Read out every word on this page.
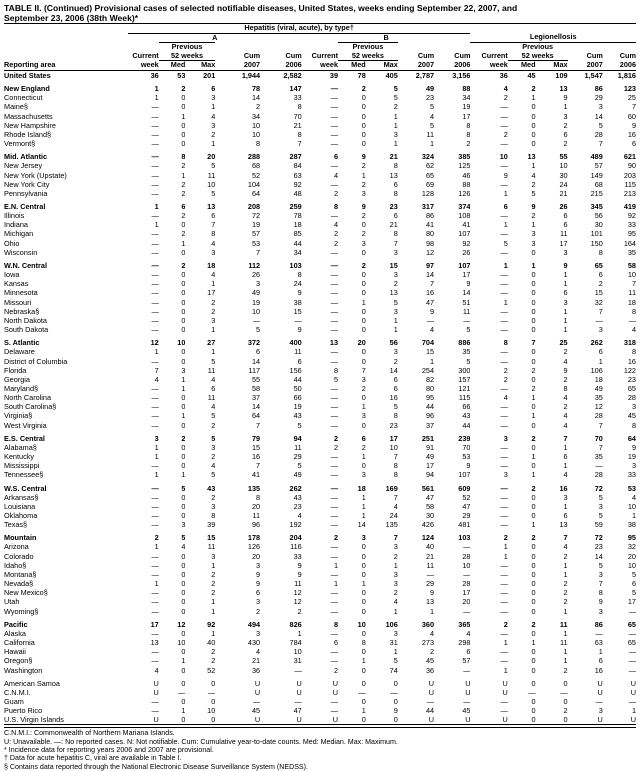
TABLE II. (Continued) Provisional cases of selected notifiable diseases, United States, weeks ending September 22, 2007, and
September 23, 2006 (38th Week)*
	Hepatitis (viral, acute), by type†														
	A					B					Legionellosis				
		Previous					Previous					Previous			
	Current	52 weeks		Cum	Cum	Current	52 weeks		Cum	Cum	Current	52 weeks		Cum	Cum
Reporting area	week	Med	Max	2007	2006	week	Med	Max	2007	2006	week	Med	Max	2007	2006
United States	36	53	201	1,944	2,582	39	78	405	2,787	3,156	36	45	109	1,547	1,816

New England	1	2	6	78	147	—	2	5	49	88	4	2	13	86	123
Connecticut	1	0	3	14	33	—	0	5	23	34	2	1	9	29	25
Maine§	—	0	1	2	8	—	0	2	5	19	—	0	1	3	7
Massachusetts	—	1	4	34	70	—	0	1	4	17	—	0	3	14	60
New Hampshire	—	0	3	10	21	—	0	1	5	8	—	0	2	5	9
Rhode Island§	—	0	2	10	8	—	0	3	11	8	2	0	6	28	16
Vermont§	—	0	1	8	7	—	0	1	1	2	—	0	2	7	6

Mid. Atlantic	—	8	20	288	287	6	9	21	324	385	10	13	55	489	621
New Jersey	—	2	5	68	84	—	2	8	62	125	—	1	10	57	90
New York (Upstate)	—	1	11	52	63	4	1	13	65	46	9	4	30	149	203
New York City	—	2	10	104	92	—	2	6	69	88	—	2	24	68	115
Pennsylvania	—	2	5	64	48	2	3	8	128	126	1	5	21	215	213

E.N. Central	1	6	13	208	259	8	9	23	317	374	6	9	26	345	419
Illinois	—	2	6	72	78	—	2	6	86	108	—	2	6	56	92
Indiana	1	0	7	19	18	4	0	21	41	41	1	1	6	30	33
Michigan	—	2	8	57	85	2	2	8	80	107	—	3	11	101	95
Ohio	—	1	4	53	44	2	3	7	98	92	5	3	17	150	164
Wisconsin	—	0	3	7	34	—	0	3	12	26	—	0	3	8	35

W.N. Central	—	2	18	112	103	—	2	15	97	107	1	1	9	65	58
Iowa	—	0	4	26	8	—	0	3	14	17	—	0	1	6	10
Kansas	—	0	1	3	24	—	0	2	7	9	—	0	1	2	7
Minnesota	—	0	17	49	9	—	0	13	16	14	—	0	6	15	11
Missouri	—	0	2	19	38	—	1	5	47	51	1	0	3	32	18
Nebraska§	—	0	2	10	15	—	0	3	9	11	—	0	1	7	8
North Dakota	—	0	3	—	—	—	0	1	—	—	—	0	1	—	—
South Dakota	—	0	1	5	9	—	0	1	4	5	—	0	1	3	4

S. Atlantic	12	10	27	372	400	13	20	56	704	886	8	7	25	262	318
Delaware	1	0	1	6	11	—	0	3	15	35	—	0	2	6	8
District of Columbia	—	0	5	14	6	—	0	2	1	5	—	0	4	1	16
Florida	7	3	11	117	156	8	7	14	254	300	2	2	9	106	122
Georgia	4	1	4	55	44	5	3	6	82	157	2	0	2	18	23
Maryland§	—	1	6	58	50	—	2	6	80	121	—	2	8	49	65
North Carolina	—	0	11	37	66	—	0	16	95	115	4	1	4	35	28
South Carolina§	—	0	4	14	19	—	1	5	44	66	—	0	2	12	3
Virginia§	—	1	5	64	43	—	3	8	96	43	—	1	4	28	45
West Virginia	—	0	2	7	5	—	0	23	37	44	—	0	4	7	8

E.S. Central	3	2	5	79	94	2	6	17	251	239	3	2	7	70	64
Alabama§	1	0	3	15	11	2	2	10	91	70	—	0	1	7	9
Kentucky	1	0	2	16	29	—	1	7	49	53	—	1	6	35	19
Mississippi	—	0	4	7	5	—	0	8	17	9	—	0	1	—	3
Tennessee§	1	1	5	41	49	—	3	8	94	107	3	1	4	28	33

W.S. Central	—	5	43	135	262	—	18	169	561	609	—	2	16	72	53
Arkansas§	—	0	2	8	43	—	1	7	47	52	—	0	3	5	4
Louisiana	—	0	3	20	23	—	1	4	58	47	—	0	1	3	10
Oklahoma	—	0	8	11	4	—	1	24	30	29	—	0	6	5	1
Texas§	—	3	39	96	192	—	14	135	426	481	—	1	13	59	38

Mountain	2	5	15	178	204	2	3	7	124	103	2	2	7	72	95
Arizona	1	4	11	126	116	—	0	3	40	—	1	0	4	23	32
Colorado	—	0	3	20	33	—	0	2	21	28	1	0	2	14	20
Idaho§	—	0	1	3	9	1	0	1	11	10	—	0	1	5	10
Montana§	—	0	2	9	9	—	0	3	—	—	—	0	1	3	5
Nevada§	1	0	2	9	11	1	1	3	29	28	—	0	2	7	6
New Mexico§	—	0	2	6	12	—	0	2	9	17	—	0	2	8	5
Utah	—	0	1	3	12	—	0	4	13	20	—	0	2	9	17
Wyoming§	—	0	1	2	2	—	0	1	1	—	—	0	1	3	—

Pacific	17	12	92	494	826	8	10	106	360	365	2	2	11	86	65
Alaska	—	0	1	3	1	—	0	3	4	4	—	0	1	—	—
California	13	10	40	430	784	6	8	31	273	298	1	1	11	63	65
Hawaii	—	0	2	4	10	—	0	1	2	6	—	0	1	1	—
Oregon§	—	1	2	21	31	—	1	5	45	57	—	0	1	6	—
Washington	4	0	52	36	—	2	0	74	36	—	1	0	2	16	—

American Samoa	U	0	0	U	U	U	0	0	U	U	U	0	0	U	U
C.N.M.I.	U	—	—	U	U	U	—	—	U	U	U	—	—	U	U
Guam	—	0	0	—	—	—	0	0	—	—	—	0	0	—	—
Puerto Rico	—	1	10	45	47	—	1	9	44	45	—	0	2	3	1
U.S. Virgin Islands	U	0	0	U	U	U	0	0	U	U	U	0	0	U	U
C.N.M.I.: Commonwealth of Northern Mariana Islands.
U: Unavailable. —: No reported cases. N: Not notifiable. Cum: Cumulative year-to-date counts. Med: Median. Max: Maximum.
* Incidence data for reporting years 2006 and 2007 are provisional.
† Data for acute hepatitis C, viral are available in Table I.
§ Contains data reported through the National Electronic Disease Surveillance System (NEDSS).
